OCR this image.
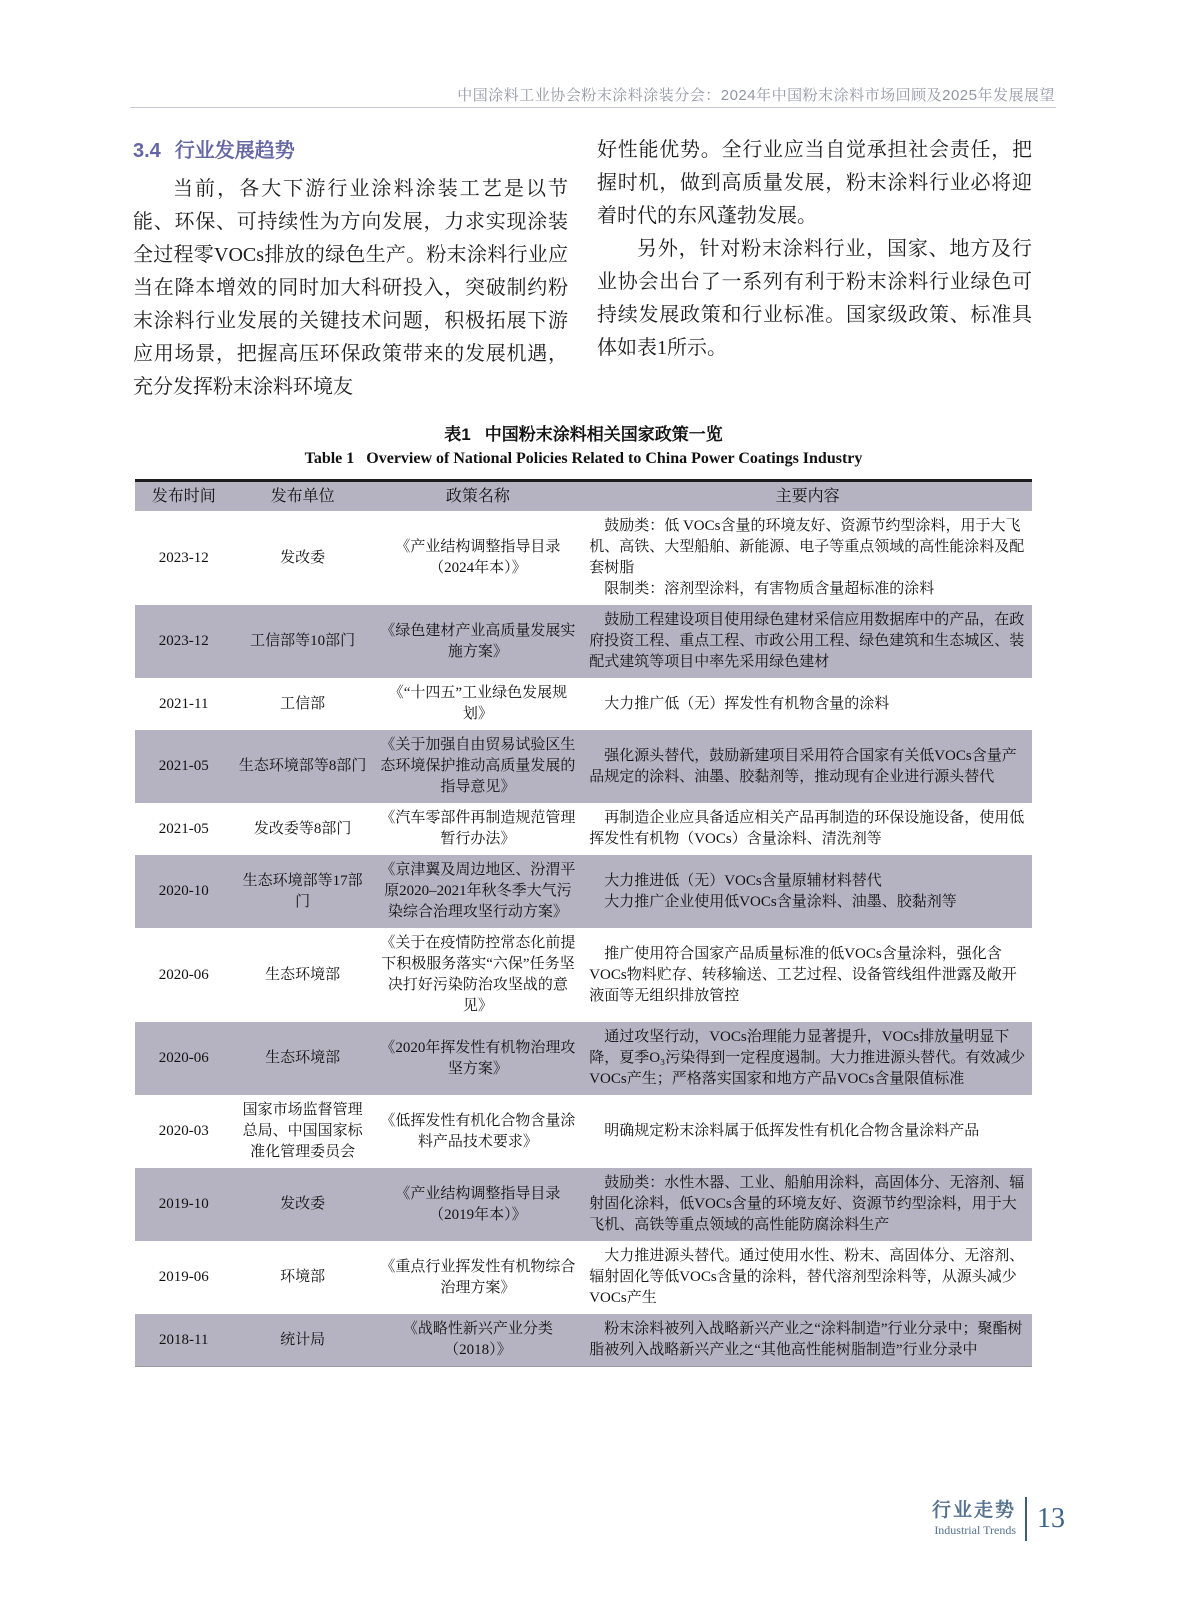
中国涂料工业协会粉末涂料涂装分会：2024年中国粉末涂料市场回顾及2025年发展展望
3.4 行业发展趋势

当前，各大下游行业涂料涂装工艺是以节能、环保、可持续性为方向发展，力求实现涂装全过程零VOCs排放的绿色生产。粉末涂料行业应当在降本增效的同时加大科研投入，突破制约粉末涂料行业发展的关键技术问题，积极拓展下游应用场景，把握高压环保政策带来的发展机遇，充分发挥粉末涂料环境友

好性能优势。全行业应当自觉承担社会责任，把握时机，做到高质量发展，粉末涂料行业必将迎着时代的东风蓬勃发展。

另外，针对粉末涂料行业，国家、地方及行业协会出台了一系列有利于粉末涂料行业绿色可持续发展政策和行业标准。国家级政策、标准具体如表1所示。

表1 中国粉末涂料相关国家政策一览
Table 1 Overview of National Policies Related to China Power Coatings Industry
发布时间	发布单位	政策名称	主要内容
2023-12	发改委	《产业结构调整指导目录（2024年本）》	鼓励类：低 VOCs含量的环境友好、资源节约型涂料，用于大飞机、高铁、大型船舶、新能源、电子等重点领域的高性能涂料及配套树脂

限制类：溶剂型涂料，有害物质含量超标准的涂料

2023-12	工信部等10部门	《绿色建材产业高质量发展实施方案》	鼓励工程建设项目使用绿色建材采信应用数据库中的产品，在政府投资工程、重点工程、市政公用工程、绿色建筑和生态城区、装配式建筑等项目中率先采用绿色建材

2021-11	工信部	《“十四五”工业绿色发展规划》	大力推广低（无）挥发性有机物含量的涂料

2021-05	生态环境部等8部门	《关于加强自由贸易试验区生态环境保护推动高质量发展的指导意见》	强化源头替代，鼓励新建项目采用符合国家有关低VOCs含量产品规定的涂料、油墨、胶黏剂等，推动现有企业进行源头替代

2021-05	发改委等8部门	《汽车零部件再制造规范管理暂行办法》	再制造企业应具备适应相关产品再制造的环保设施设备，使用低挥发性有机物（VOCs）含量涂料、清洗剂等

2020-10	生态环境部等17部门	《京津翼及周边地区、汾渭平原2020–2021年秋冬季大气污染综合治理攻坚行动方案》	大力推进低（无）VOCs含量原辅材料替代

大力推广企业使用低VOCs含量涂料、油墨、胶黏剂等

2020-06	生态环境部	《关于在疫情防控常态化前提下积极服务落实“六保”任务坚决打好污染防治攻坚战的意见》	推广使用符合国家产品质量标准的低VOCs含量涂料，强化含VOCs物料贮存、转移输送、工艺过程、设备管线组件泄露及敞开液面等无组织排放管控

2020-06	生态环境部	《2020年挥发性有机物治理攻坚方案》	通过攻坚行动，VOCs治理能力显著提升，VOCs排放量明显下降，夏季O₃污染得到一定程度遏制。大力推进源头替代。有效减少VOCs产生；严格落实国家和地方产品VOCs含量限值标准

2020-03	国家市场监督管理总局、中国国家标准化管理委员会	《低挥发性有机化合物含量涂料产品技术要求》	明确规定粉末涂料属于低挥发性有机化合物含量涂料产品

2019-10	发改委	《产业结构调整指导目录（2019年本）》	鼓励类：水性木器、工业、船舶用涂料，高固体分、无溶剂、辐射固化涂料，低VOCs含量的环境友好、资源节约型涂料，用于大飞机、高铁等重点领域的高性能防腐涂料生产

2019-06	环境部	《重点行业挥发性有机物综合治理方案》	大力推进源头替代。通过使用水性、粉末、高固体分、无溶剂、辐射固化等低VOCs含量的涂料，替代溶剂型涂料等，从源头减少VOCs产生

2018-11	统计局	《战略性新兴产业分类（2018）》	粉末涂料被列入战略新兴产业之“涂料制造”行业分录中；聚酯树脂被列入战略新兴产业之“其他高性能树脂制造”行业分录中

行业走势
Industrial Trends 13
